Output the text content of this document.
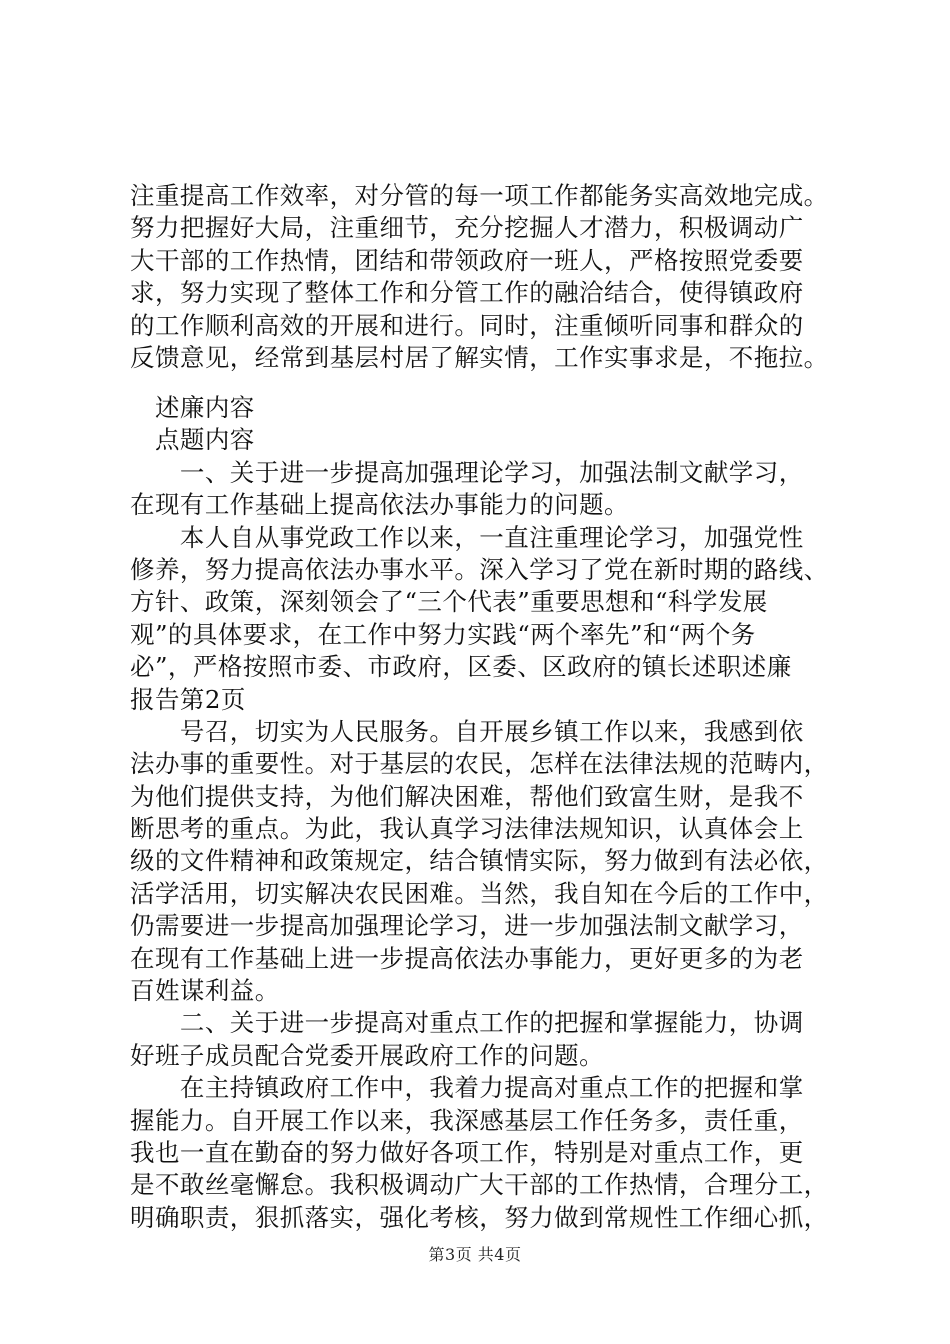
注重提高工作效率，对分管的每一项工作都能务实高效地完成。
努力把握好大局，注重细节，充分挖掘人才潜力，积极调动广
大干部的工作热情，团结和带领政府一班人，严格按照党委要
求，努力实现了整体工作和分管工作的融洽结合，使得镇政府
的工作顺利高效的开展和进行。同时，注重倾听同事和群众的
反馈意见，经常到基层村居了解实情，工作实事求是，不拖拉。
　述廉内容
　点题内容
　　一、关于进一步提高加强理论学习，加强法制文献学习，
在现有工作基础上提高依法办事能力的问题。
　　本人自从事党政工作以来，一直注重理论学习，加强党性
修养，努力提高依法办事水平。深入学习了党在新时期的路线、
方针、政策，深刻领会了“三个代表”重要思想和“科学发展
观”的具体要求，在工作中努力实践“两个率先”和“两个务
必”，严格按照市委、市政府，区委、区政府的镇长述职述廉
报告第2页
　　号召，切实为人民服务。自开展乡镇工作以来，我感到依
法办事的重要性。对于基层的农民，怎样在法律法规的范畴内，
为他们提供支持，为他们解决困难，帮他们致富生财，是我不
断思考的重点。为此，我认真学习法律法规知识，认真体会上
级的文件精神和政策规定，结合镇情实际，努力做到有法必依，
活学活用，切实解决农民困难。当然，我自知在今后的工作中，
仍需要进一步提高加强理论学习，进一步加强法制文献学习，
在现有工作基础上进一步提高依法办事能力，更好更多的为老
百姓谋利益。
　　二、关于进一步提高对重点工作的把握和掌握能力，协调
好班子成员配合党委开展政府工作的问题。
　　在主持镇政府工作中，我着力提高对重点工作的把握和掌
握能力。自开展工作以来，我深感基层工作任务多，责任重，
我也一直在勤奋的努力做好各项工作，特别是对重点工作，更
是不敢丝毫懈怠。我积极调动广大干部的工作热情，合理分工，
明确职责，狠抓落实，强化考核，努力做到常规性工作细心抓，
第3页 共4页
